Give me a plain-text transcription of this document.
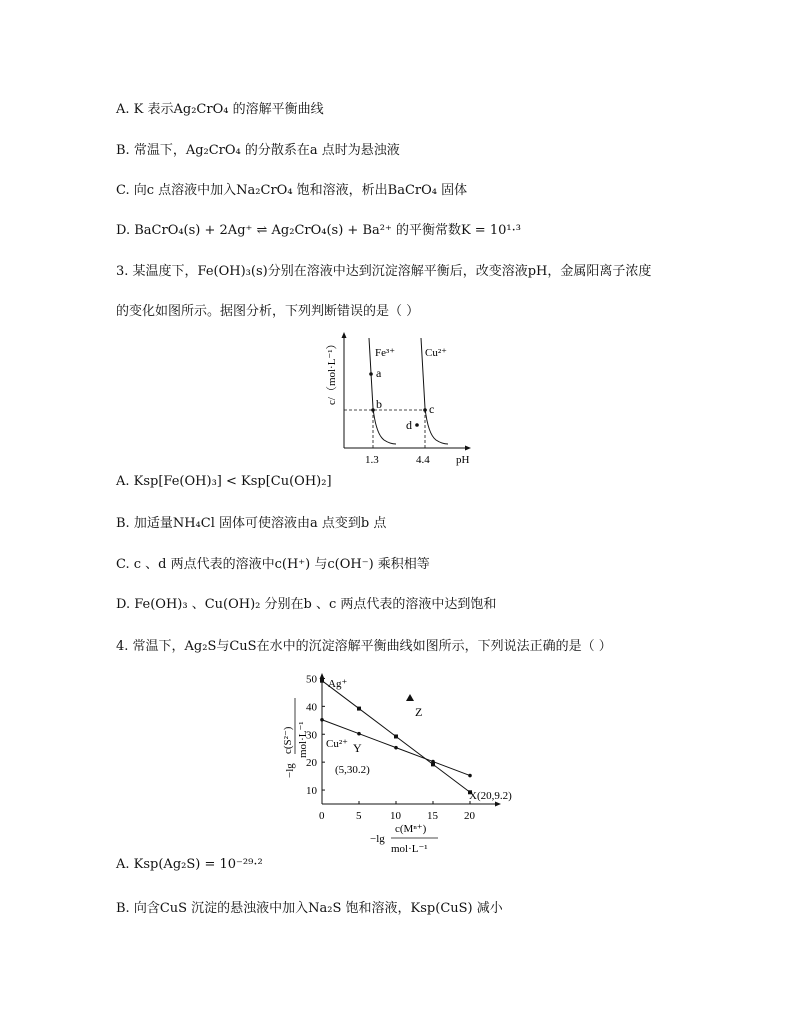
A. K 表示Ag₂CrO₄ 的溶解平衡曲线
B. 常温下，Ag₂CrO₄ 的分散系在a 点时为悬浊液
C. 向c 点溶液中加入Na₂CrO₄ 饱和溶液，析出BaCrO₄ 固体
D. BaCrO₄(s) + 2Ag⁺ ⇌ Ag₂CrO₄(s) + Ba²⁺ 的平衡常数K = 10¹·³
3. 某温度下，Fe(OH)₃(s)分别在溶液中达到沉淀溶解平衡后，改变溶液pH，金属阳离子浓度
的变化如图所示。据图分析，下列判断错误的是（ ）
a
b	c
d
Fe³⁺	Cu²⁺
c/（mol·L⁻¹）
1.3	4.4 pH
A. Ksp[Fe(OH)₃] < Ksp[Cu(OH)₂]
B. 加适量NH₄Cl 固体可使溶液由a 点变到b 点
C. c 、d 两点代表的溶液中c(H⁺) 与c(OH⁻) 乘积相等
D. Fe(OH)₃ 、Cu(OH)₂ 分别在b 、c 两点代表的溶液中达到饱和
4. 常温下，Ag₂S与CuS在水中的沉淀溶解平衡曲线如图所示，下列说法正确的是（ ）
0	5	10 15 20
10
20
30
40
50
Z
Ag⁺
Cu²⁺ Y
(5,30.2)
X(20,9.2)
−lg
c(S²⁻) mol·L⁻¹
−lg
c(Mⁿ⁺)
mol·L⁻¹
A. Ksp(Ag₂S) = 10⁻²⁹·²
B. 向含CuS 沉淀的悬浊液中加入Na₂S 饱和溶液，Ksp(CuS) 减小
